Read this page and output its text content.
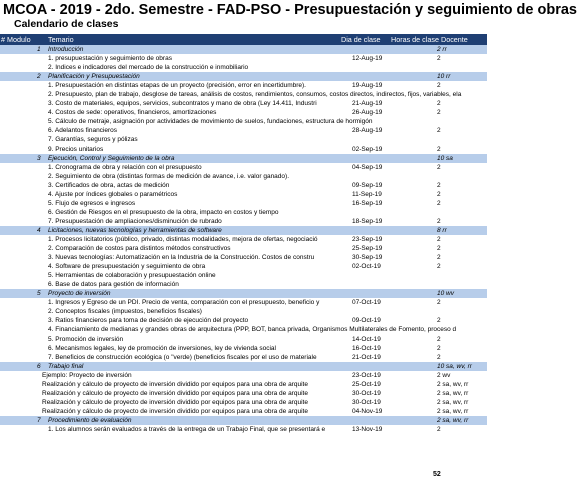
MCOA - 2019 - 2do. Semestre - FAD-PSO - Presupuestación y seguimiento de obras
Calendario de clases
# Modulo Temario	Dia de clase Horas de clase Docente
1	Introducción	2 rr
1. presupuestación y seguimiento de obras	12-Aug-19	2
2. Indices e indicadores del mercado de la construcción e inmobiliario
2	Planificación y Presupuestación	10 rr
1. Presupuestación en distintas etapas de un proyecto (precisión, error en incertidumbre).	19-Aug-19	2
2. Presupuesto, plan de trabajo, desglose de tareas, análisis de costos, rendimientos, consumos, costos directos, indirectos, fijos, variables, ela
3. Costo de materiales, equipos, servicios, subcontratos y mano de obra (Ley 14.411, Industri	21-Aug-19	2
4. Costos de sede: operativos, financieros, amortizaciones	26-Aug-19	2
5. Cálculo de metraje, asignación por actividades de movimiento de suelos, fundaciones, estructura de hormigón
6. Adelantos financieros	28-Aug-19	2
7. Garantías, seguros y pólizas
9. Precios unitarios	02-Sep-19	2
3	Ejecución, Control y Seguimiento de la obra	10 sa
1. Cronograma de obra y relación con el presupuesto	04-Sep-19	2
2. Seguimiento de obra (distintas formas de medición de avance, i.e. valor ganado).
3. Certificados de obra, actas de medición	09-Sep-19	2
4. Ajuste por índices globales o paramétricos	11-Sep-19	2
5. Flujo de egresos e ingresos	16-Sep-19	2
6. Gestión de Riesgos en el presupuesto de la obra, impacto en costos y tiempo
7. Presupuestación de ampliaciones/disminución de rubrado	18-Sep-19	2
4	Licitaciones, nuevas tecnologías y herramientas de software	8 rr
1. Procesos licitatorios (público, privado, distintas modalidades, mejora de ofertas, negociació	23-Sep-19	2
2. Comparación de costos para distintos métodos constructivos	25-Sep-19	2
3. Nuevas tecnologías: Automatización en la Industria de la Construcción. Costos de constru	30-Sep-19	2
4. Software de presupuestación y seguimiento de obra	02-Oct-19	2
5. Herramientas de colaboración y presupuestación online
6. Base de datos para gestión de información
5	Proyecto de inversión	10 wv
1. Ingresos y Egreso de un PDI. Precio de venta, comparación con el presupuesto, beneficio y	07-Oct-19	2
2. Conceptos fiscales (impuestos, beneficios fiscales)
3. Ratios financieros para toma de decisión de ejecución del proyecto	09-Oct-19	2
4. Financiamiento de medianas y grandes obras de arquitectura (PPP, BOT, banca privada, Organismos Multilaterales de Fomento, proceso d
5. Promoción de inversión	14-Oct-19	2
6. Mecanismos legales, ley de promoción de inversiones, ley de vivienda social	16-Oct-19	2
7. Beneficios de construcción ecológica (o "verde) (beneficios fiscales por el uso de materiale	21-Oct-19	2
6	Trabajo final	10 sa, wv, rr
Ejemplo: Proyecto de inversión	23-Oct-19	2 wv
Realización y cálculo de proyecto de inversión dividido por equipos para una obra de arquite	25-Oct-19	2 sa, wv, rr
Realización y cálculo de proyecto de inversión dividido por equipos para una obra de arquite	30-Oct-19	2 sa, wv, rr
Realización y cálculo de proyecto de inversión dividido por equipos para una obra de arquite	30-Oct-19	2 sa, wv, rr
Realización y cálculo de proyecto de inversión dividido por equipos para una obra de arquite	04-Nov-19	2 sa, wv, rr
7	Procedimiento de evaluación	2 sa, wv, rr
1. Los alumnos serán evaluados a través de la entrega de un Trabajo Final, que se presentará e	13-Nov-19	2
52
